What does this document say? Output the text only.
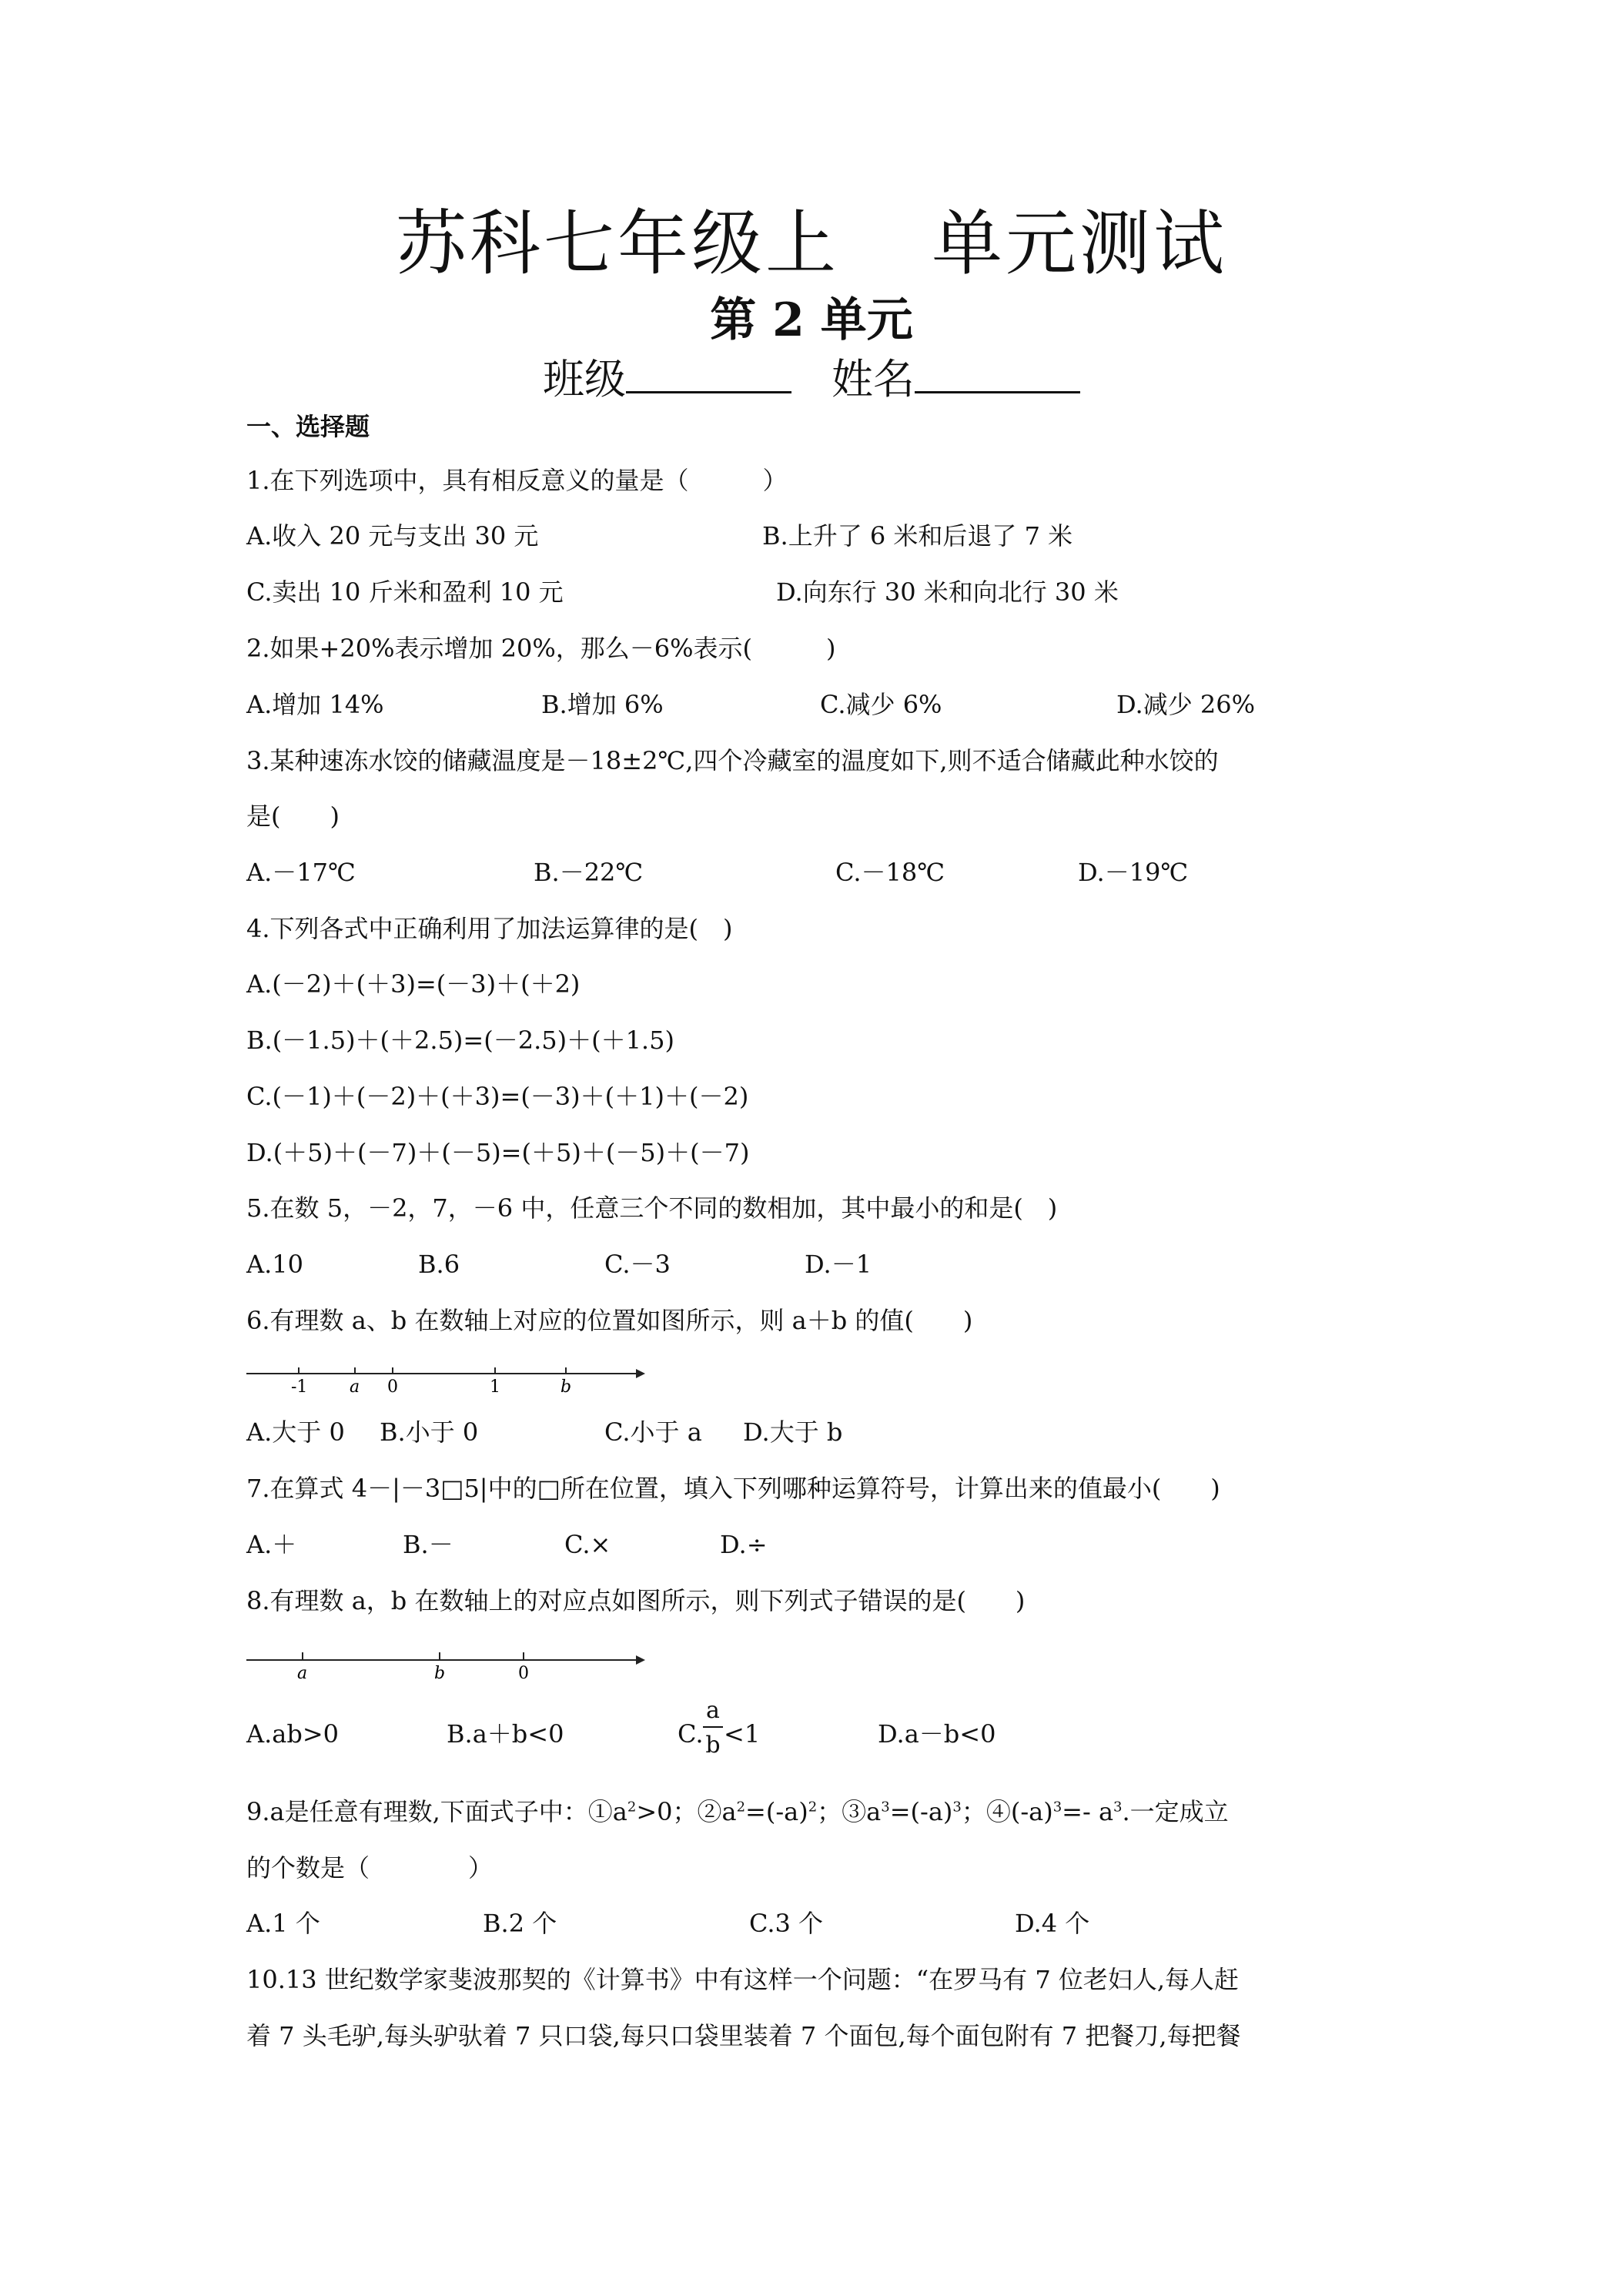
苏科七年级上 单元测试
第 2 单元
班级	姓名
一、选择题
1.在下列选项中，具有相反意义的量是（　　　）
A.收入 20 元与支出 30 元	B.上升了 6 米和后退了 7 米
C.卖出 10 斤米和盈利 10 元	D.向东行 30 米和向北行 30 米
2.如果+20%表示增加 20%，那么－6%表示(　　　)
A.增加 14%	B.增加 6%	C.减少 6%	D.减少 26%
3.某种速冻水饺的储藏温度是－18±2℃,四个冷藏室的温度如下,则不适合储藏此种水饺的
是(　　)
A.－17℃	B.－22℃	C.－18℃	D.－19℃
4.下列各式中正确利用了加法运算律的是(　)
A.(－2)＋(＋3)=(－3)＋(＋2)
B.(－1.5)＋(＋2.5)=(－2.5)＋(＋1.5)
C.(－1)＋(－2)＋(＋3)=(－3)＋(＋1)＋(－2)
D.(＋5)＋(－7)＋(－5)=(＋5)＋(－5)＋(－7)
5.在数 5，－2，7，－6 中，任意三个不同的数相加，其中最小的和是(　)
A.10	B.6	C.－3	D.－1
6.有理数 a、b 在数轴上对应的位置如图所示，则 a＋b 的值(　　)
-1 a 0	1	b
A.大于 0 B.小于 0	C.小于 a D.大于 b
7.在算式 4－|－3□5|中的□所在位置，填入下列哪种运算符号，计算出来的值最小(　　)
A.＋	B.－	C.×	D.÷
8.有理数 a，b 在数轴上的对应点如图所示，则下列式子错误的是(　　)
a	b	0
A.ab>0	B.a＋b<0	C.
a
b <1	D.a－b<0
9.a是任意有理数,下面式子中：$①a^2>0$；$②a^2=(-a)^2$；$③a^3=(-a)^3$；$④(-a)^3=-$ $a^3$.一定成立
的个数是（　　　　）
A.1 个	B.2 个	C.3 个	D.4 个
10.13 世纪数学家斐波那契的《计算书》中有这样一个问题：“在罗马有 7 位老妇人,每人赶
着 7 头毛驴,每头驴驮着 7 只口袋,每只口袋里装着 7 个面包,每个面包附有 7 把餐刀,每把餐
